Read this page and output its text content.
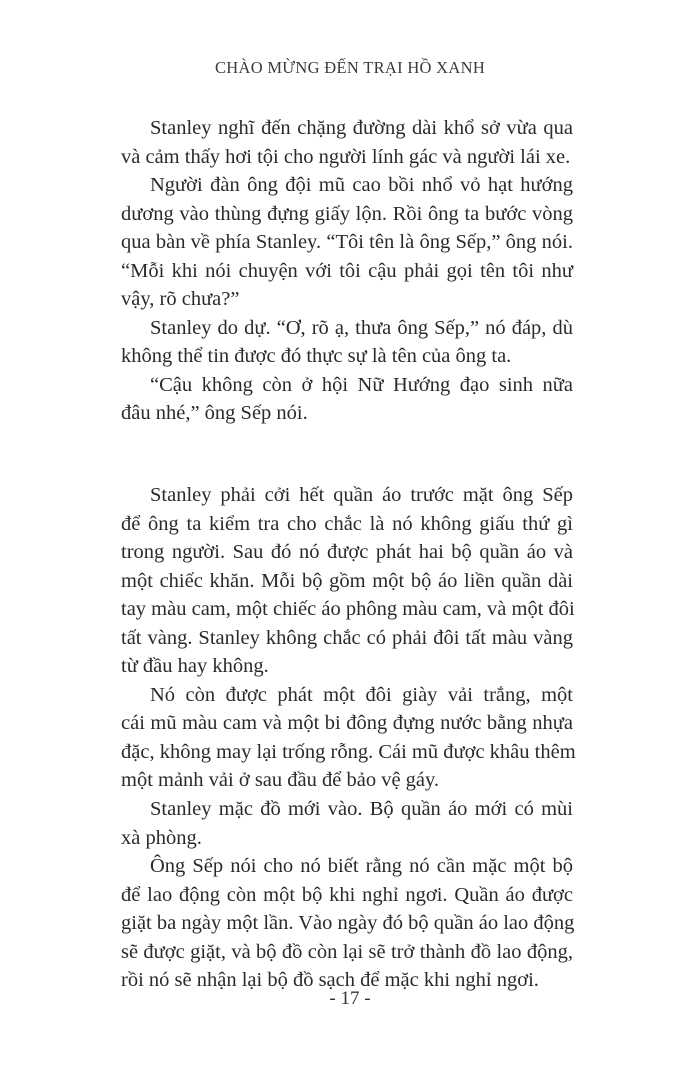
CHÀO MỪNG ĐẾN TRẠI HỒ XANH
Stanley nghĩ đến chặng đường dài khổ sở vừa qua
và cảm thấy hơi tội cho người lính gác và người lái xe.
Người đàn ông đội mũ cao bồi nhổ vỏ hạt hướng
dương vào thùng đựng giấy lộn. Rồi ông ta bước vòng
qua bàn về phía Stanley. “Tôi tên là ông Sếp,” ông nói.
“Mỗi khi nói chuyện với tôi cậu phải gọi tên tôi như
vậy, rõ chưa?”
Stanley do dự. “Ơ, rõ ạ, thưa ông Sếp,” nó đáp, dù
không thể tin được đó thực sự là tên của ông ta.
“Cậu không còn ở hội Nữ Hướng đạo sinh nữa
đâu nhé,” ông Sếp nói.
Stanley phải cởi hết quần áo trước mặt ông Sếp
để ông ta kiểm tra cho chắc là nó không giấu thứ gì
trong người. Sau đó nó được phát hai bộ quần áo và
một chiếc khăn. Mỗi bộ gồm một bộ áo liền quần dài
tay màu cam, một chiếc áo phông màu cam, và một đôi
tất vàng. Stanley không chắc có phải đôi tất màu vàng
từ đầu hay không.
Nó còn được phát một đôi giày vải trắng, một
cái mũ màu cam và một bi đông đựng nước bằng nhựa
đặc, không may lại trống rỗng. Cái mũ được khâu thêm
một mảnh vải ở sau đầu để bảo vệ gáy.
Stanley mặc đồ mới vào. Bộ quần áo mới có mùi
xà phòng.
Ông Sếp nói cho nó biết rằng nó cần mặc một bộ
để lao động còn một bộ khi nghỉ ngơi. Quần áo được
giặt ba ngày một lần. Vào ngày đó bộ quần áo lao động
sẽ được giặt, và bộ đồ còn lại sẽ trở thành đồ lao động,
rồi nó sẽ nhận lại bộ đồ sạch để mặc khi nghỉ ngơi.
- 17 -
